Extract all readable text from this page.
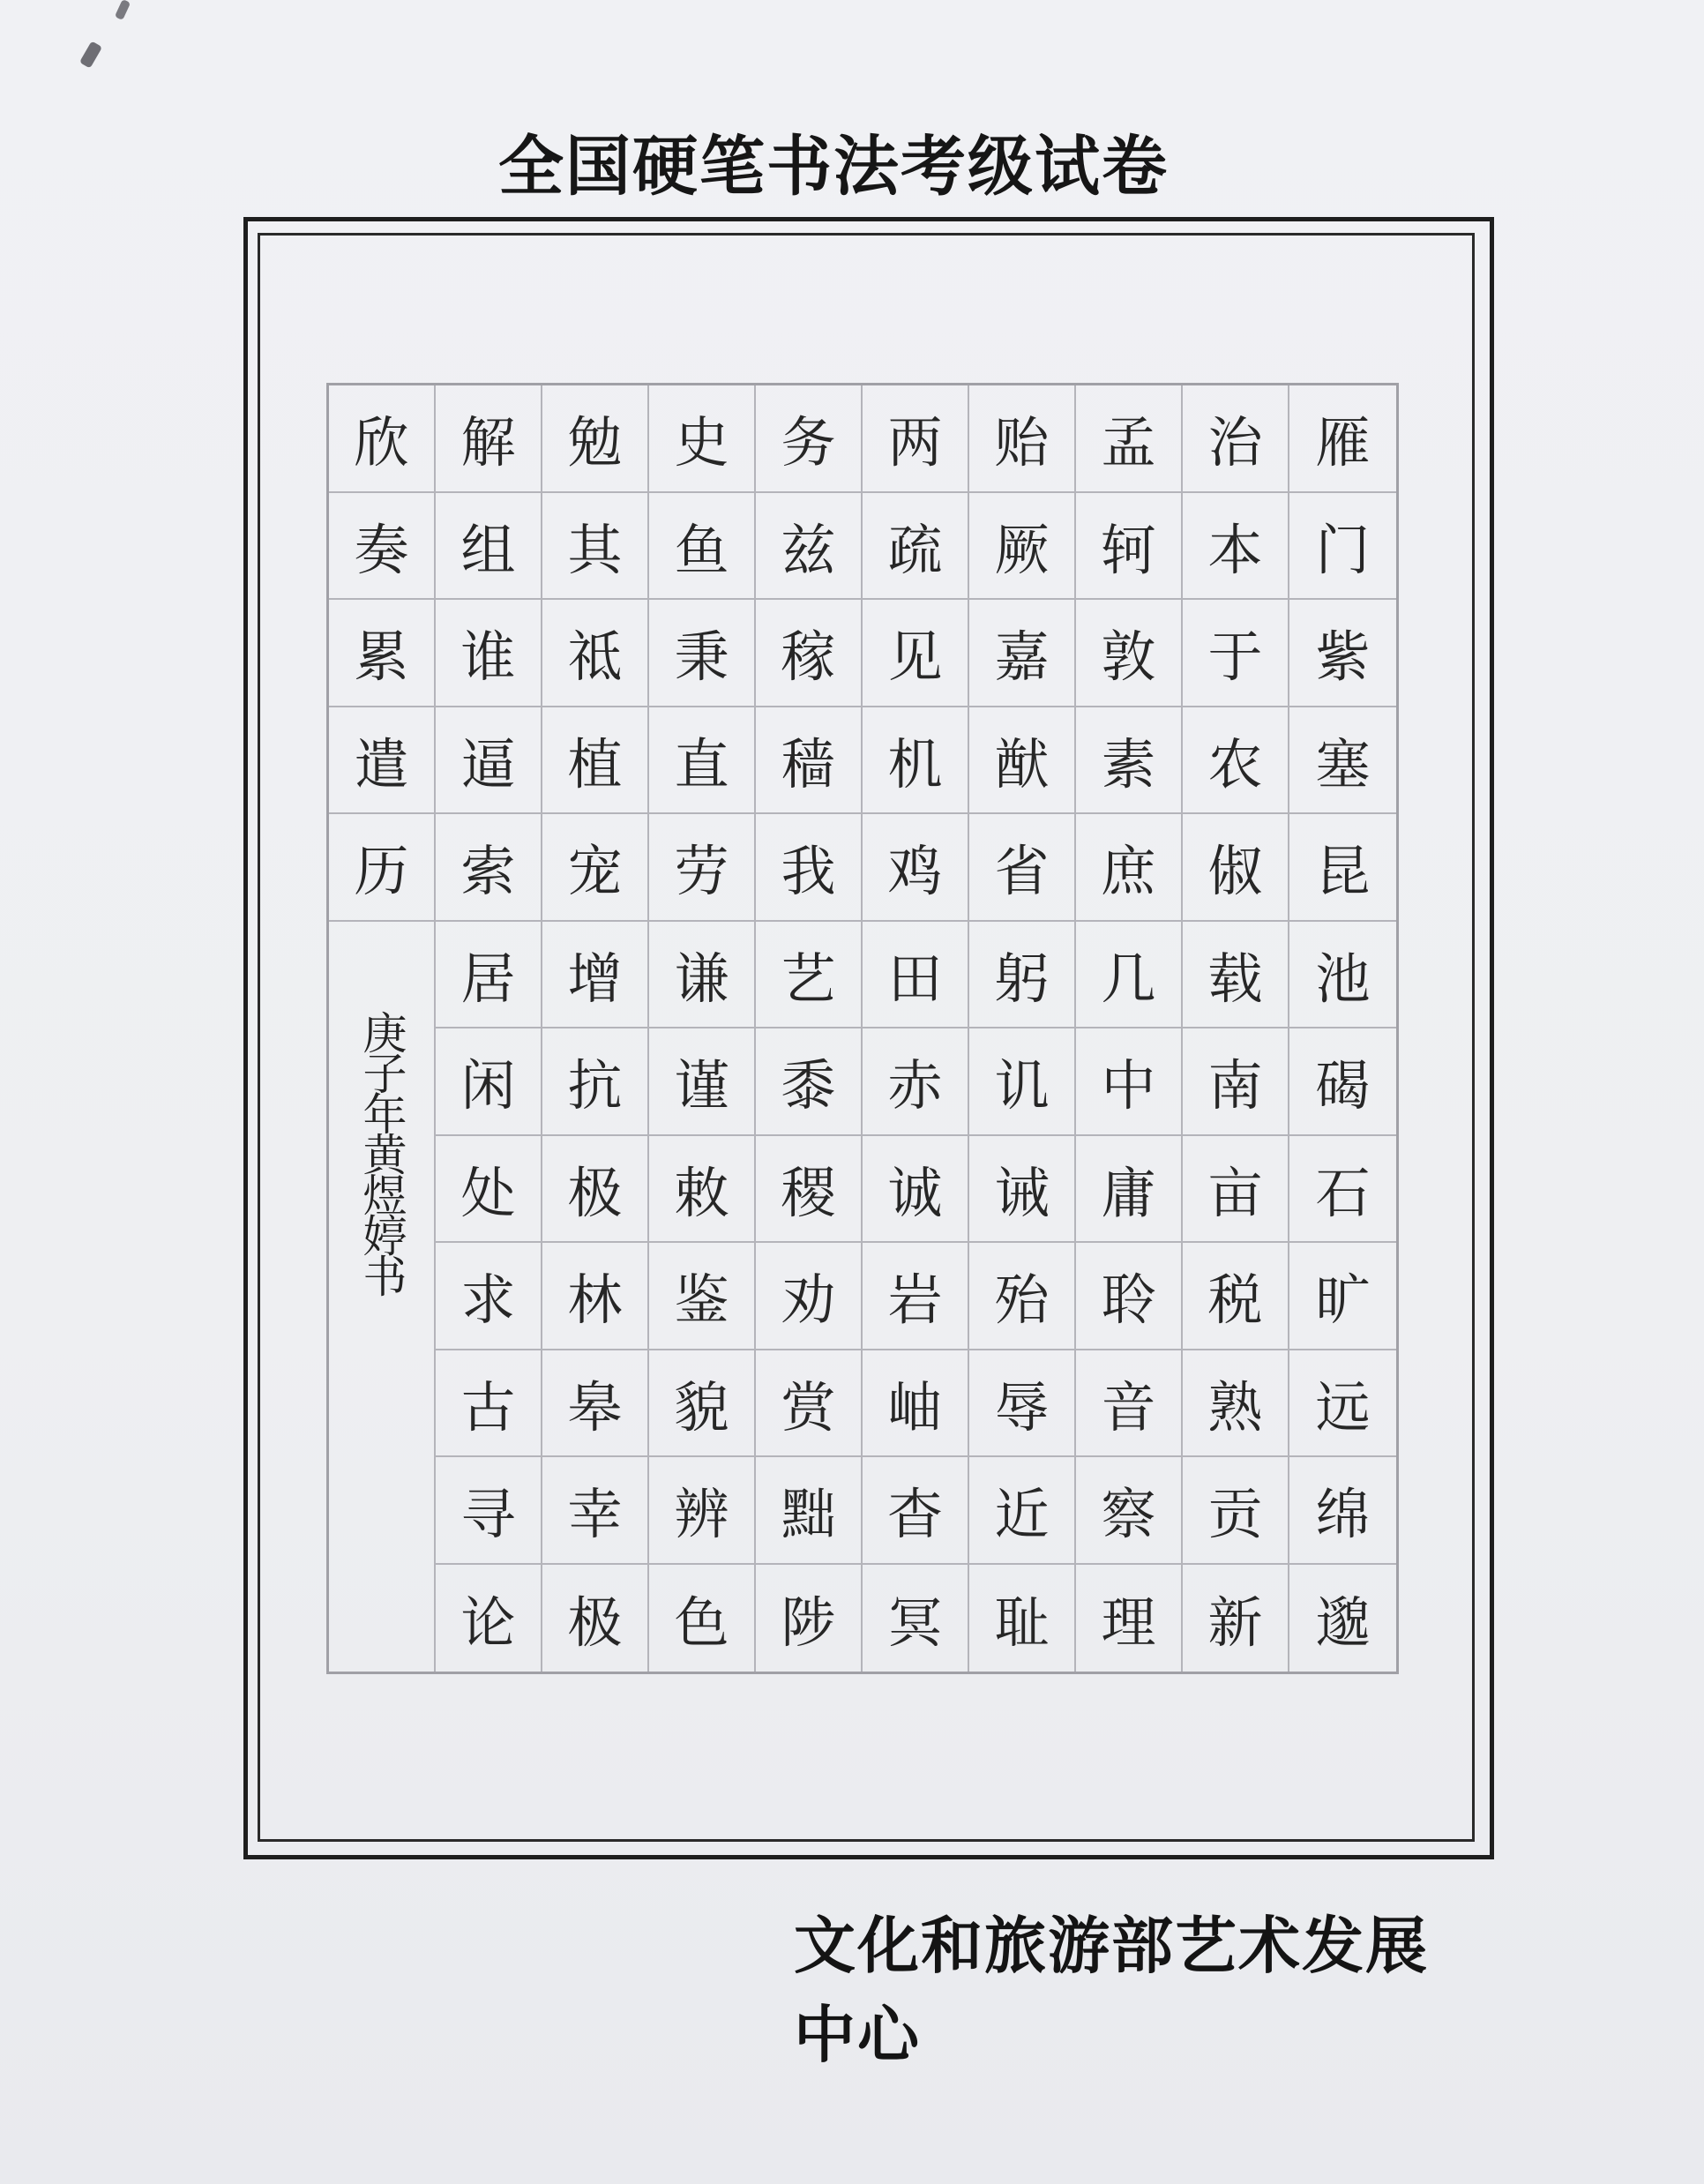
全国硬笔书法考级试卷
庚子年黄煜婷书
欣 解 勉 史 务 两 贻 孟 治 雁
奏 组 其 鱼 兹 疏 厥 轲 本 门
累 谁 祗 秉 稼 见 嘉 敦 于 紫
遣 逼 植 直 穑 机 猷 素 农 塞
历 索 宠 劳 我 鸡 省 庶 俶 昆
居 增 谦 艺 田 躬 几 载 池
闲 抗 谨 黍 赤 讥 中 南 碣
处 极 敕 稷 诚 诫 庸 亩 石
求 林 鉴 劝 岩 殆 聆 税 旷
古 皋 貌 赏 岫 辱 音 熟 远
寻 幸 辨 黜 杳 近 察 贡 绵
论 极 色 陟 冥 耻 理 新 邈
文化和旅游部艺术发展中心
